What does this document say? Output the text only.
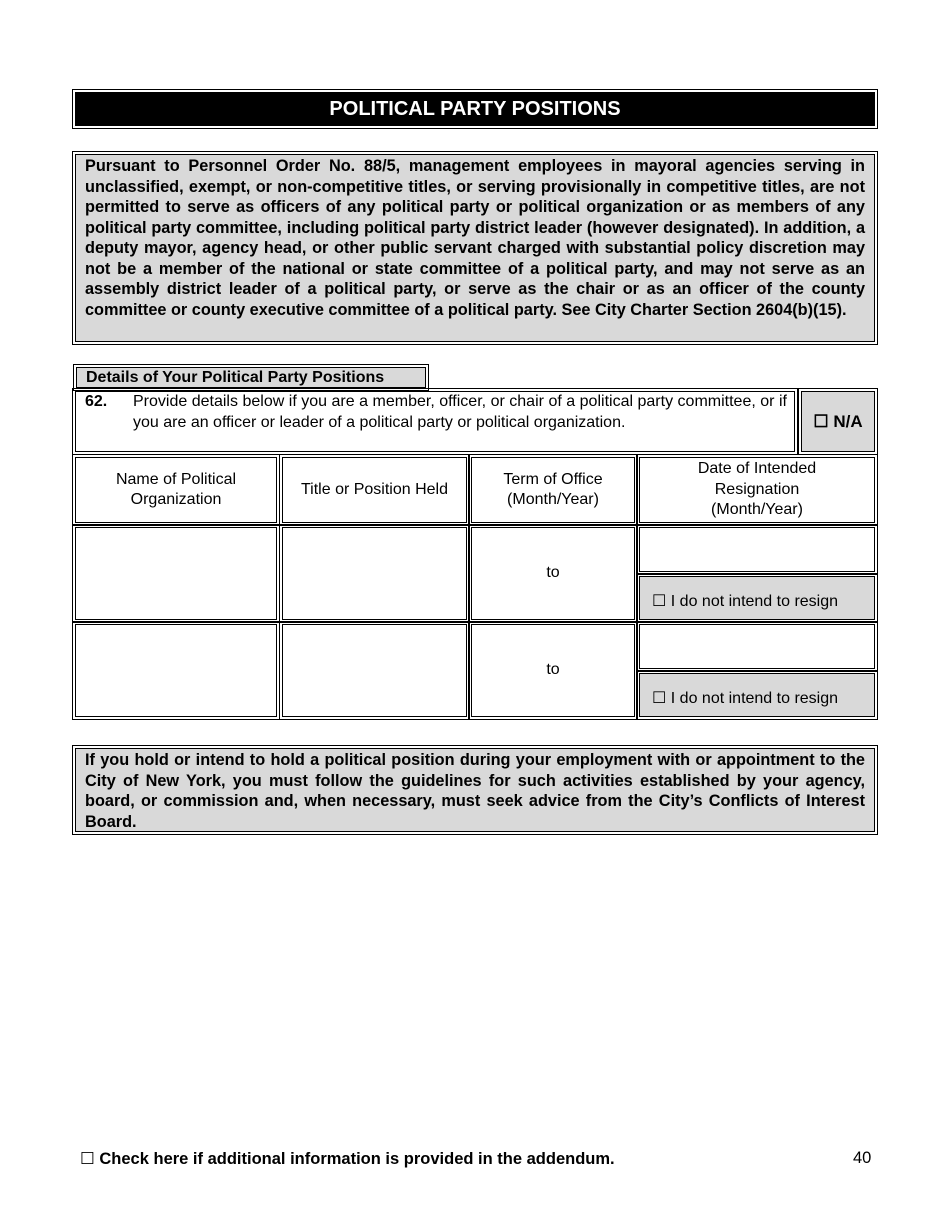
POLITICAL PARTY POSITIONS
Pursuant to Personnel Order No. 88/5, management employees in mayoral agencies serving in unclassified, exempt, or non-competitive titles, or serving provisionally in competitive titles, are not permitted to serve as officers of any political party or political organization or as members of any political party committee, including political party district leader (however designated). In addition, a deputy mayor, agency head, or other public servant charged with substantial policy discretion may not be a member of the national or state committee of a political party, and may not serve as an assembly district leader of a political party, or serve as the chair or as an officer of the county committee or county executive committee of a political party. See City Charter Section 2604(b)(15).
Details of Your Political Party Positions
62. Provide details below if you are a member, officer, or chair of a political party committee, or if you are an officer or leader of a political party or political organization.	☐ N/A
Name of Political Organization
Title or Position Held
Term of Office (Month/Year)
Date of Intended Resignation (Month/Year)
to
☐ I do not intend to resign
to
☐ I do not intend to resign
If you hold or intend to hold a political position during your employment with or appointment to the City of New York, you must follow the guidelines for such activities established by your agency, board, or commission and, when necessary, must seek advice from the City’s Conflicts of Interest Board.
☐ Check here if additional information is provided in the addendum.	40
